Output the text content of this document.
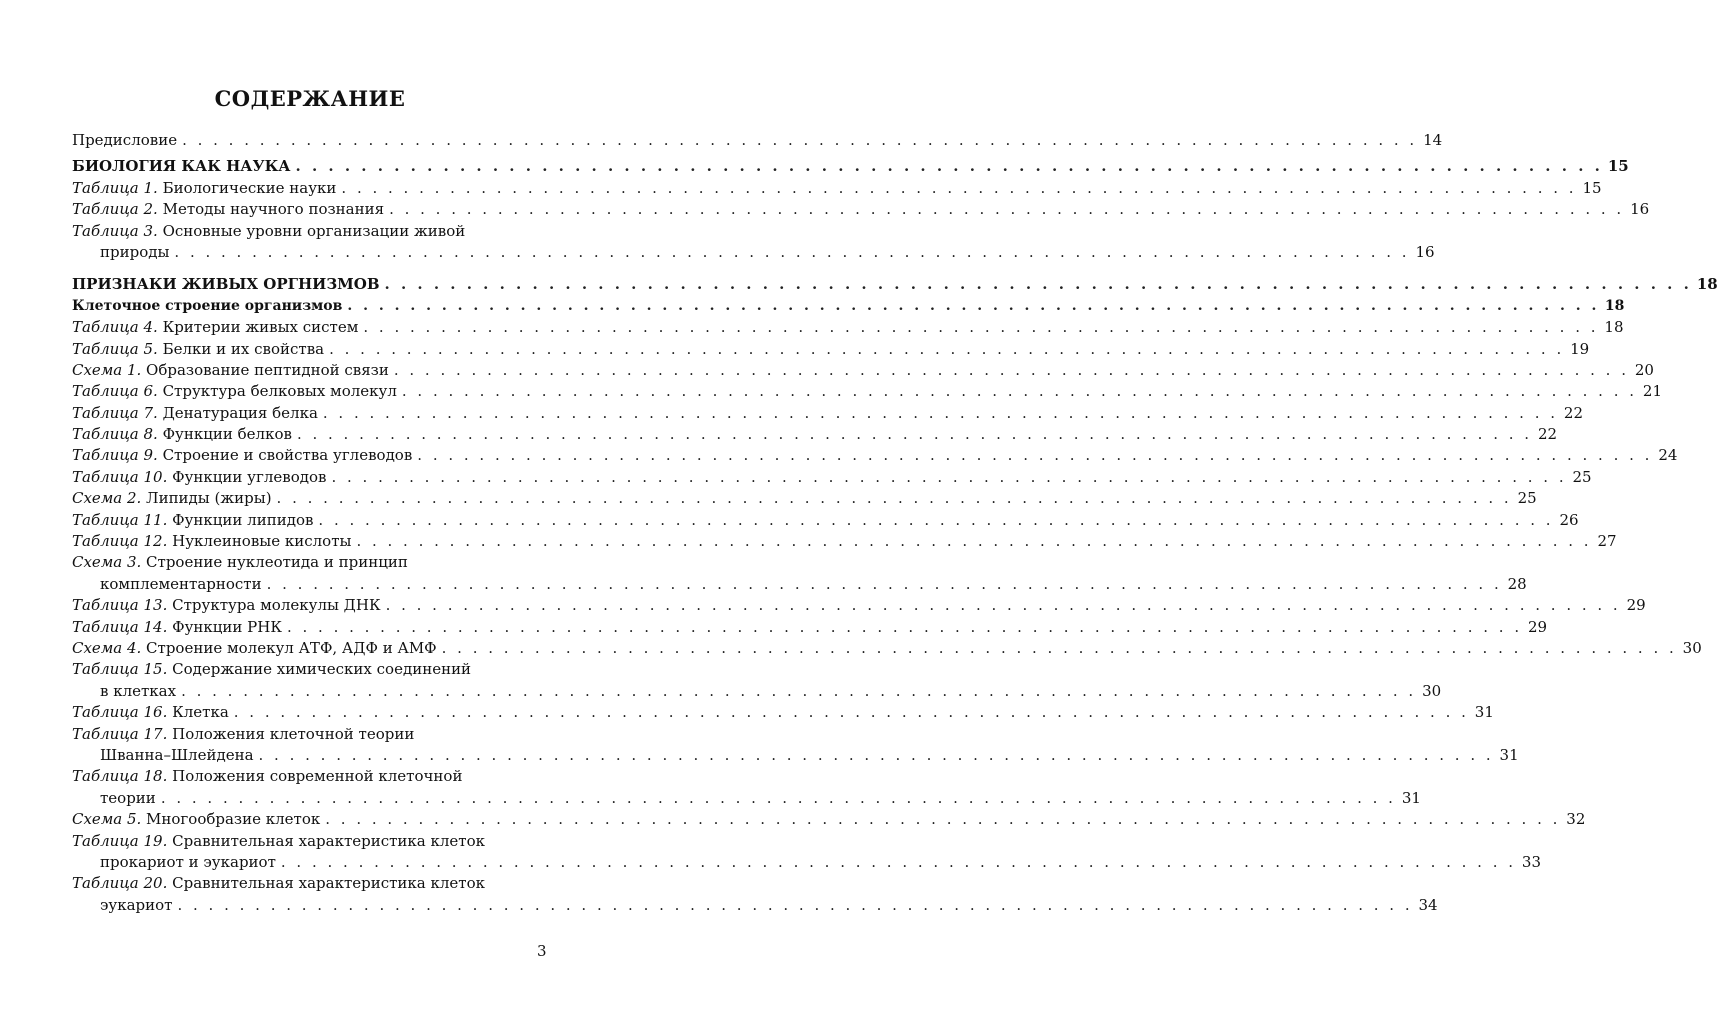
СОДЕРЖАНИЕ
Предисловие . . . . . . . . . . . . . . . . . . . . . . . . . . . . . . . . . . . . . . . . . . . . . . . . . . . . . . . . . . . . . . . . . . . . . . . . . . . . . . . . 14
БИОЛОГИЯ КАК НАУКА . . . . . . . . . . . . . . . . . . . . . . . . . . . . . . . . . . . . . . . . . . . . . . . . . . . . . . . . . . . . . . . . . . . . . . . . . . . . . . . . 15
Таблица 1. Биологические науки . . . . . . . . . . . . . . . . . . . . . . . . . . . . . . . . . . . . . . . . . . . . . . . . . . . . . . . . . . . . . . . . . . . . . . . . . . . . . . . . 15
Таблица 2. Методы научного познания . . . . . . . . . . . . . . . . . . . . . . . . . . . . . . . . . . . . . . . . . . . . . . . . . . . . . . . . . . . . . . . . . . . . . . . . . . . . . . . . 16
Таблица 3. Основные уровни организации живой
природы . . . . . . . . . . . . . . . . . . . . . . . . . . . . . . . . . . . . . . . . . . . . . . . . . . . . . . . . . . . . . . . . . . . . . . . . . . . . . . . . 16
ПРИЗНАКИ ЖИВЫХ ОРГНИЗМОВ . . . . . . . . . . . . . . . . . . . . . . . . . . . . . . . . . . . . . . . . . . . . . . . . . . . . . . . . . . . . . . . . . . . . . . . . . . . . . . . . 18
Клеточное строение организмов . . . . . . . . . . . . . . . . . . . . . . . . . . . . . . . . . . . . . . . . . . . . . . . . . . . . . . . . . . . . . . . . . . . . . . . . . . . . . . . . 18
Таблица 4. Критерии живых систем . . . . . . . . . . . . . . . . . . . . . . . . . . . . . . . . . . . . . . . . . . . . . . . . . . . . . . . . . . . . . . . . . . . . . . . . . . . . . . . . 18
Таблица 5. Белки и их свойства . . . . . . . . . . . . . . . . . . . . . . . . . . . . . . . . . . . . . . . . . . . . . . . . . . . . . . . . . . . . . . . . . . . . . . . . . . . . . . . . 19
Схема 1. Образование пептидной связи . . . . . . . . . . . . . . . . . . . . . . . . . . . . . . . . . . . . . . . . . . . . . . . . . . . . . . . . . . . . . . . . . . . . . . . . . . . . . . . . 20
Таблица 6. Структура белковых молекул . . . . . . . . . . . . . . . . . . . . . . . . . . . . . . . . . . . . . . . . . . . . . . . . . . . . . . . . . . . . . . . . . . . . . . . . . . . . . . . . 21
Таблица 7. Денатурация белка . . . . . . . . . . . . . . . . . . . . . . . . . . . . . . . . . . . . . . . . . . . . . . . . . . . . . . . . . . . . . . . . . . . . . . . . . . . . . . . . 22
Таблица 8. Функции белков . . . . . . . . . . . . . . . . . . . . . . . . . . . . . . . . . . . . . . . . . . . . . . . . . . . . . . . . . . . . . . . . . . . . . . . . . . . . . . . . 22
Таблица 9. Строение и свойства углеводов . . . . . . . . . . . . . . . . . . . . . . . . . . . . . . . . . . . . . . . . . . . . . . . . . . . . . . . . . . . . . . . . . . . . . . . . . . . . . . . . 24
Таблица 10. Функции углеводов . . . . . . . . . . . . . . . . . . . . . . . . . . . . . . . . . . . . . . . . . . . . . . . . . . . . . . . . . . . . . . . . . . . . . . . . . . . . . . . . 25
Схема 2. Липиды (жиры) . . . . . . . . . . . . . . . . . . . . . . . . . . . . . . . . . . . . . . . . . . . . . . . . . . . . . . . . . . . . . . . . . . . . . . . . . . . . . . . . 25
Таблица 11. Функции липидов . . . . . . . . . . . . . . . . . . . . . . . . . . . . . . . . . . . . . . . . . . . . . . . . . . . . . . . . . . . . . . . . . . . . . . . . . . . . . . . . 26
Таблица 12. Нуклеиновые кислоты . . . . . . . . . . . . . . . . . . . . . . . . . . . . . . . . . . . . . . . . . . . . . . . . . . . . . . . . . . . . . . . . . . . . . . . . . . . . . . . . 27
Схема 3. Строение нуклеотида и принцип
комплементарности . . . . . . . . . . . . . . . . . . . . . . . . . . . . . . . . . . . . . . . . . . . . . . . . . . . . . . . . . . . . . . . . . . . . . . . . . . . . . . . . 28
Таблица 13. Структура молекулы ДНК . . . . . . . . . . . . . . . . . . . . . . . . . . . . . . . . . . . . . . . . . . . . . . . . . . . . . . . . . . . . . . . . . . . . . . . . . . . . . . . . 29
Таблица 14. Функции РНК . . . . . . . . . . . . . . . . . . . . . . . . . . . . . . . . . . . . . . . . . . . . . . . . . . . . . . . . . . . . . . . . . . . . . . . . . . . . . . . . 29
Схема 4. Строение молекул АТФ, АДФ и АМФ . . . . . . . . . . . . . . . . . . . . . . . . . . . . . . . . . . . . . . . . . . . . . . . . . . . . . . . . . . . . . . . . . . . . . . . . . . . . . . . . 30
Таблица 15. Содержание химических соединений
в клетках . . . . . . . . . . . . . . . . . . . . . . . . . . . . . . . . . . . . . . . . . . . . . . . . . . . . . . . . . . . . . . . . . . . . . . . . . . . . . . . . 30
Таблица 16. Клетка . . . . . . . . . . . . . . . . . . . . . . . . . . . . . . . . . . . . . . . . . . . . . . . . . . . . . . . . . . . . . . . . . . . . . . . . . . . . . . . . 31
Таблица 17. Положения клеточной теории
Шванна–Шлейдена . . . . . . . . . . . . . . . . . . . . . . . . . . . . . . . . . . . . . . . . . . . . . . . . . . . . . . . . . . . . . . . . . . . . . . . . . . . . . . . . 31
Таблица 18. Положения современной клеточной
теории . . . . . . . . . . . . . . . . . . . . . . . . . . . . . . . . . . . . . . . . . . . . . . . . . . . . . . . . . . . . . . . . . . . . . . . . . . . . . . . . 31
Схема 5. Многообразие клеток . . . . . . . . . . . . . . . . . . . . . . . . . . . . . . . . . . . . . . . . . . . . . . . . . . . . . . . . . . . . . . . . . . . . . . . . . . . . . . . . 32
Таблица 19. Сравнительная характеристика клеток
прокариот и эукариот . . . . . . . . . . . . . . . . . . . . . . . . . . . . . . . . . . . . . . . . . . . . . . . . . . . . . . . . . . . . . . . . . . . . . . . . . . . . . . . . 33
Таблица 20. Сравнительная характеристика клеток
эукариот . . . . . . . . . . . . . . . . . . . . . . . . . . . . . . . . . . . . . . . . . . . . . . . . . . . . . . . . . . . . . . . . . . . . . . . . . . . . . . . . 34
3
